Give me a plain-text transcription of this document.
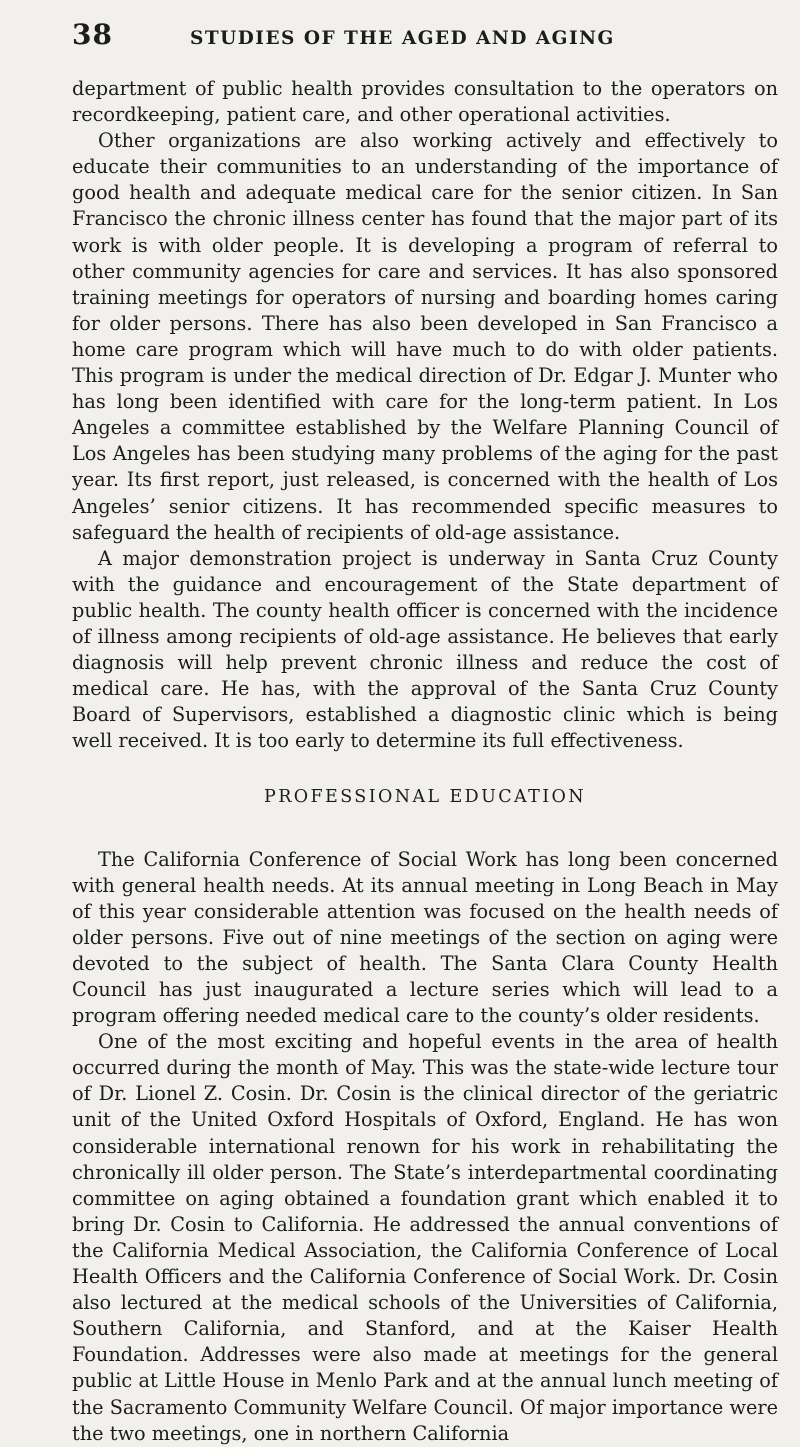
38	STUDIES OF THE AGED AND AGING

department of public health provides consultation to the operators on recordkeeping, patient care, and other operational activities.

Other organizations are also working actively and effectively to educate their communities to an understanding of the importance of good health and adequate medical care for the senior citizen. In San Francisco the chronic illness center has found that the major part of its work is with older people. It is developing a program of referral to other community agencies for care and services. It has also sponsored training meetings for operators of nursing and boarding homes caring for older persons. There has also been developed in San Francisco a home care program which will have much to do with older patients. This program is under the medical direction of Dr. Edgar J. Munter who has long been identified with care for the long-term patient. In Los Angeles a committee established by the Welfare Planning Council of Los Angeles has been studying many problems of the aging for the past year. Its first report, just released, is concerned with the health of Los Angeles’ senior citizens. It has recommended specific measures to safeguard the health of recipients of old-age assistance.

A major demonstration project is underway in Santa Cruz County with the guidance and encouragement of the State department of public health. The county health officer is concerned with the incidence of illness among recipients of old-age assistance. He believes that early diagnosis will help prevent chronic illness and reduce the cost of medical care. He has, with the approval of the Santa Cruz County Board of Supervisors, established a diagnostic clinic which is being well received. It is too early to determine its full effectiveness.

PROFESSIONAL EDUCATION

The California Conference of Social Work has long been concerned with general health needs. At its annual meeting in Long Beach in May of this year considerable attention was focused on the health needs of older persons. Five out of nine meetings of the section on aging were devoted to the subject of health. The Santa Clara County Health Council has just inaugurated a lecture series which will lead to a program offering needed medical care to the county’s older residents.

One of the most exciting and hopeful events in the area of health occurred during the month of May. This was the state-wide lecture tour of Dr. Lionel Z. Cosin. Dr. Cosin is the clinical director of the geriatric unit of the United Oxford Hospitals of Oxford, England. He has won considerable international renown for his work in rehabilitating the chronically ill older person. The State’s interdepartmental coordinating committee on aging obtained a foundation grant which enabled it to bring Dr. Cosin to California. He addressed the annual conventions of the California Medical Association, the California Conference of Local Health Officers and the California Conference of Social Work. Dr. Cosin also lectured at the medical schools of the Universities of California, Southern California, and Stanford, and at the Kaiser Health Foundation. Addresses were also made at meetings for the general public at Little House in Menlo Park and at the annual lunch meeting of the Sacramento Community Welfare Council. Of major importance were the two meetings, one in northern California
